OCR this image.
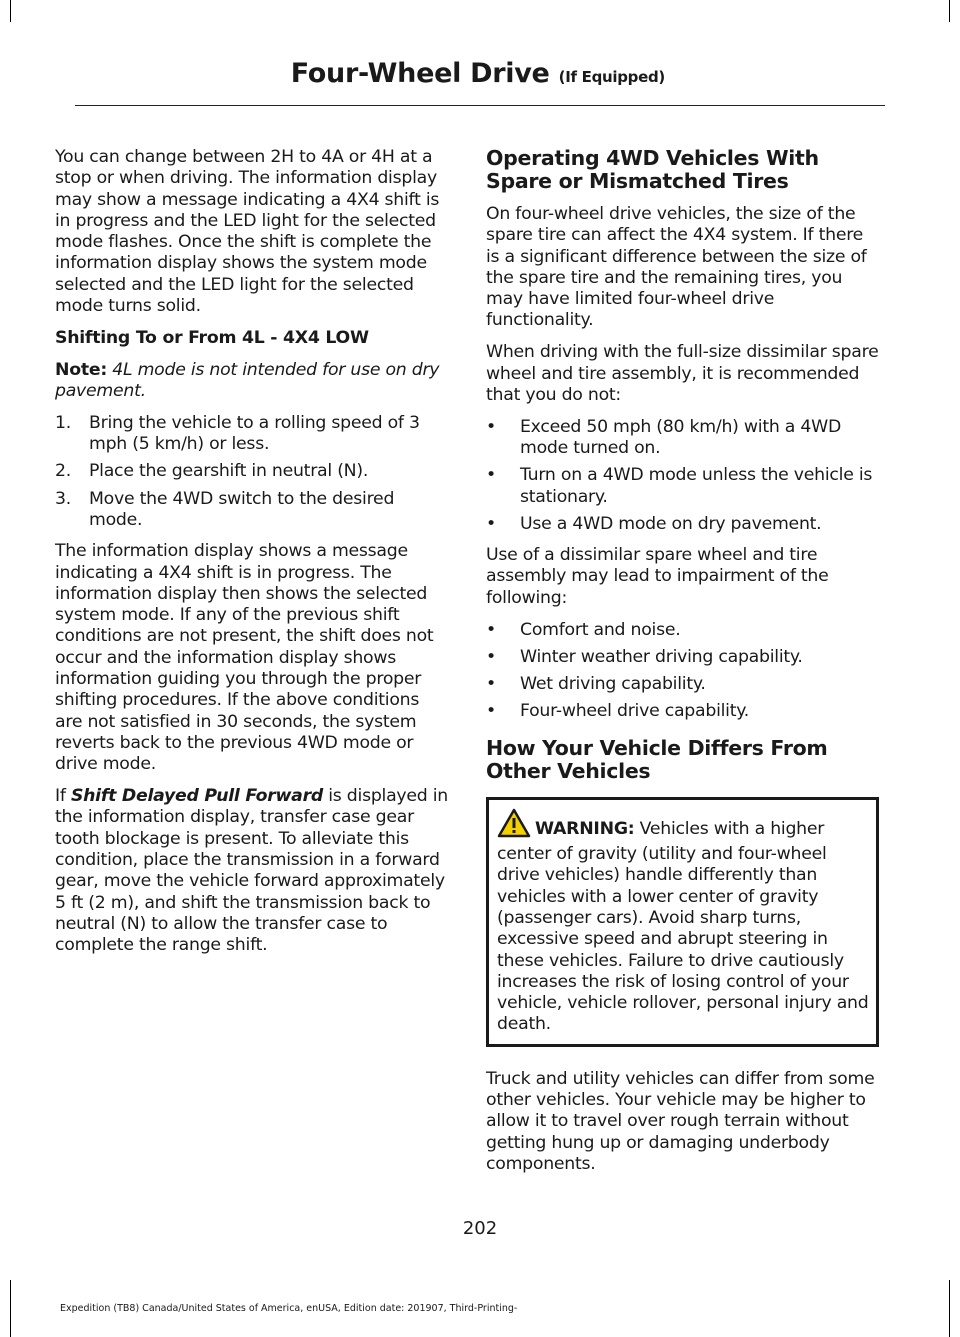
Four-Wheel Drive (If Equipped)

You can change between 2H to 4A or 4H at a stop or when driving. The information display may show a message indicating a 4X4 shift is in progress and the LED light for the selected mode flashes. Once the shift is complete the information display shows the system mode selected and the LED light for the selected mode turns solid.

Shifting To or From 4L - 4X4 LOW

Note: 4L mode is not intended for use on dry pavement.

1.	Bring the vehicle to a rolling speed of 3 mph (5 km/h) or less.
2.	Place the gearshift in neutral (N).
3.	Move the 4WD switch to the desired mode.

The information display shows a message indicating a 4X4 shift is in progress. The information display then shows the selected system mode. If any of the previous shift conditions are not present, the shift does not occur and the information display shows information guiding you through the proper shifting procedures. If the above conditions are not satisfied in 30 seconds, the system reverts back to the previous 4WD mode or drive mode.

If Shift Delayed Pull Forward is displayed in the information display, transfer case gear tooth blockage is present. To alleviate this condition, place the transmission in a forward gear, move the vehicle forward approximately 5 ft (2 m), and shift the transmission back to neutral (N) to allow the transfer case to complete the range shift.

Operating 4WD Vehicles With Spare or Mismatched Tires

On four-wheel drive vehicles, the size of the spare tire can affect the 4X4 system. If there is a significant difference between the size of the spare tire and the remaining tires, you may have limited four-wheel drive functionality.

When driving with the full-size dissimilar spare wheel and tire assembly, it is recommended that you do not:

•	Exceed 50 mph (80 km/h) with a 4WD mode turned on.
•	Turn on a 4WD mode unless the vehicle is stationary.
•	Use a 4WD mode on dry pavement.

Use of a dissimilar spare wheel and tire assembly may lead to impairment of the following:

•	Comfort and noise.
•	Winter weather driving capability.
•	Wet driving capability.
•	Four-wheel drive capability.
How Your Vehicle Differs From Other Vehicles
WARNING: Vehicles with a higher center of gravity (utility and four-wheel drive vehicles) handle differently than vehicles with a lower center of gravity (passenger cars). Avoid sharp turns, excessive speed and abrupt steering in these vehicles. Failure to drive cautiously increases the risk of losing control of your vehicle, vehicle rollover, personal injury and death.

Truck and utility vehicles can differ from some other vehicles. Your vehicle may be higher to allow it to travel over rough terrain without getting hung up or damaging underbody components.

202
Expedition (TB8) Canada/United States of America, enUSA, Edition date: 201907, Third-Printing-
